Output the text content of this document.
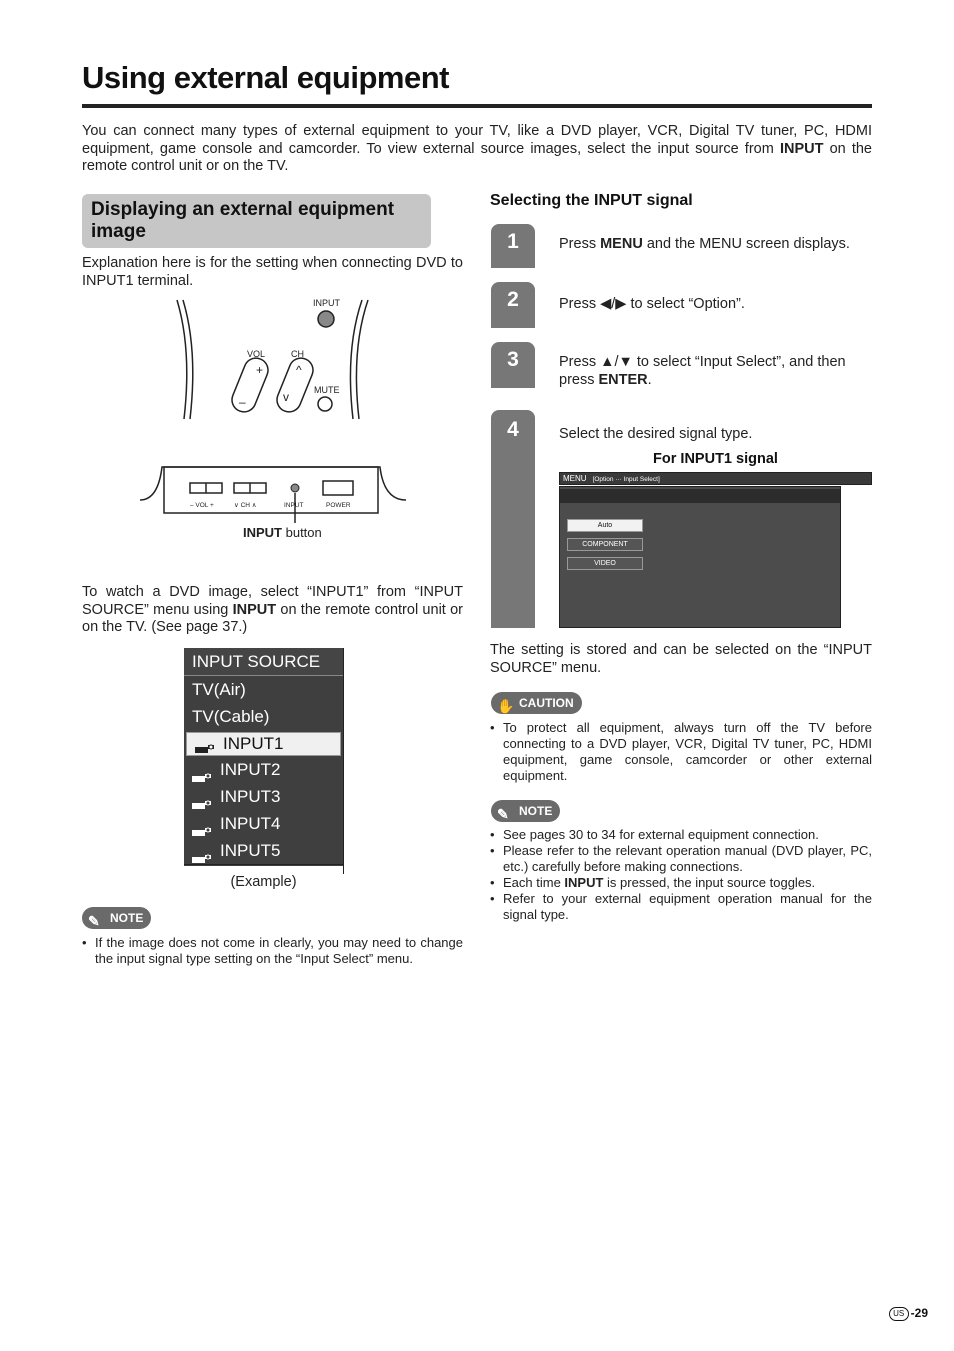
Using external equipment
You can connect many types of external equipment to your TV, like a DVD player, VCR, Digital TV tuner, PC, HDMI equipment, game console and camcorder. To view external source images, select the input source from INPUT on the remote control unit or on the TV.
Displaying an external equipment image
Explanation here is for the setting when connecting DVD to INPUT1 terminal.
INPUT
VOL	CH
MUTE
+
–
^
v
– VOL +	∨ CH ∧	INPUT	POWER
INPUT button
To watch a DVD image, select “INPUT1” from “INPUT SOURCE” menu using INPUT on the remote control unit or on the TV. (See page 37.)
INPUT SOURCE
TV(Air)
TV(Cable)
INPUT1
INPUT2
INPUT3
INPUT4
INPUT5
(Example)
✎ NOTE
• If the image does not come in clearly, you may need to change the input signal type setting on the “Input Select” menu.
Selecting the INPUT signal
1
2
3
4
Press MENU and the MENU screen displays.
Press ◀/▶ to select “Option”.
Press ▲/▼ to select “Input Select”, and then press ENTER.
Select the desired signal type.
For INPUT1 signal
MENU [Option ··· Input Select]
Auto
COMPONENT
VIDEO
The setting is stored and can be selected on the “INPUT SOURCE” menu.
✋ CAUTION
• To protect all equipment, always turn off the TV before connecting to a DVD player, VCR, Digital TV tuner, PC, HDMI equipment, game console, camcorder or other external equipment.
✎ NOTE
• See pages 30 to 34 for external equipment connection.
• Please refer to the relevant operation manual (DVD player, PC, etc.) carefully before making connections.
• Each time INPUT is pressed, the input source toggles.
• Refer to your external equipment operation manual for the signal type.
US -29
